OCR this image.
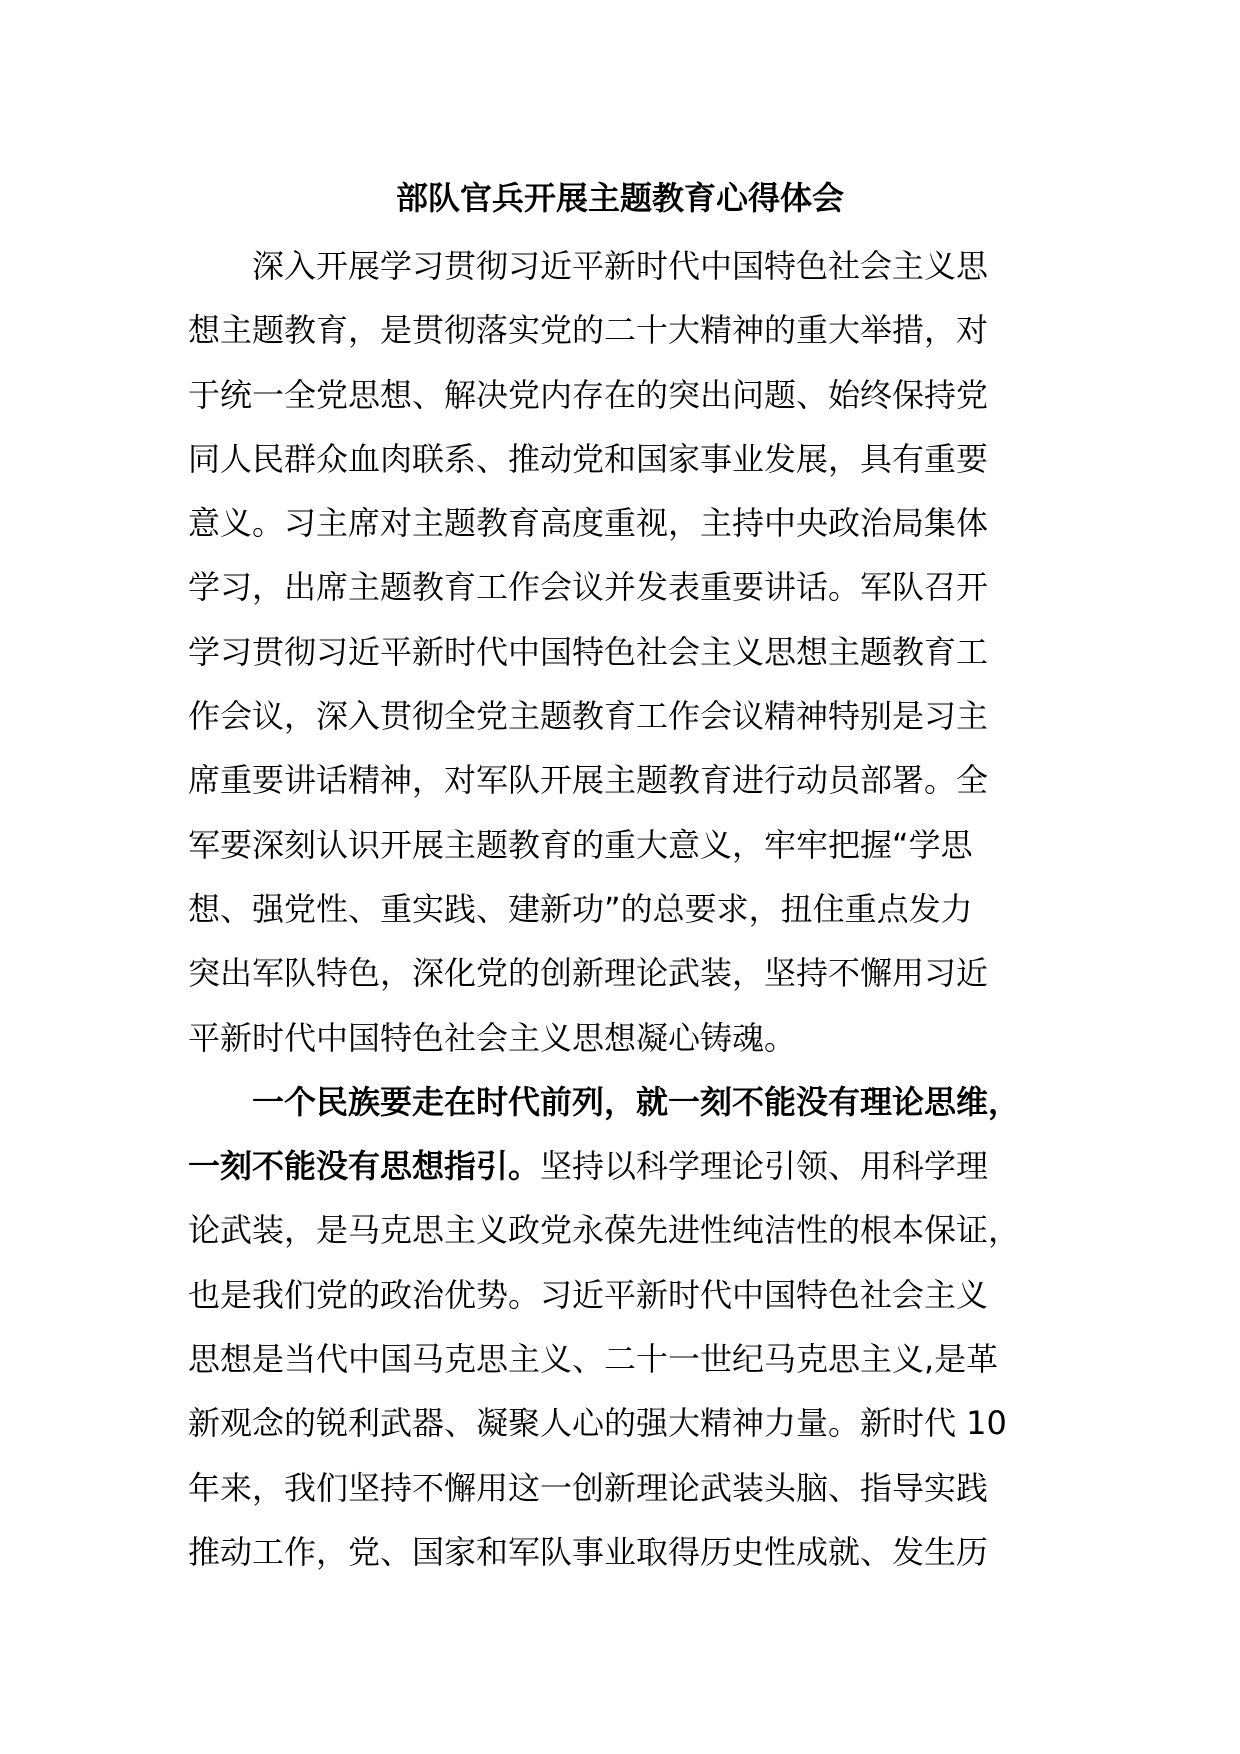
部队官兵开展主题教育心得体会
深入开展学习贯彻习近平新时代中国特色社会主义思
想主题教育，是贯彻落实党的二十大精神的重大举措，对
于统一全党思想、解决党内存在的突出问题、始终保持党
同人民群众血肉联系、推动党和国家事业发展，具有重要
意义。习主席对主题教育高度重视，主持中央政治局集体
学习，出席主题教育工作会议并发表重要讲话。军队召开
学习贯彻习近平新时代中国特色社会主义思想主题教育工
作会议，深入贯彻全党主题教育工作会议精神特别是习主
席重要讲话精神，对军队开展主题教育进行动员部署。全
军要深刻认识开展主题教育的重大意义，牢牢把握“学思
想、强党性、重实践、建新功”的总要求，扭住重点发力
突出军队特色，深化党的创新理论武装，坚持不懈用习近
平新时代中国特色社会主义思想凝心铸魂。
一个民族要走在时代前列，就一刻不能没有理论思维，
一刻不能没有思想指引。坚持以科学理论引领、用科学理
论武装，是马克思主义政党永葆先进性纯洁性的根本保证，
也是我们党的政治优势。习近平新时代中国特色社会主义
思想是当代中国马克思主义、二十一世纪马克思主义,是革
新观念的锐利武器、凝聚人心的强大精神力量。新时代 10
年来，我们坚持不懈用这一创新理论武装头脑、指导实践
推动工作，党、国家和军队事业取得历史性成就、发生历
